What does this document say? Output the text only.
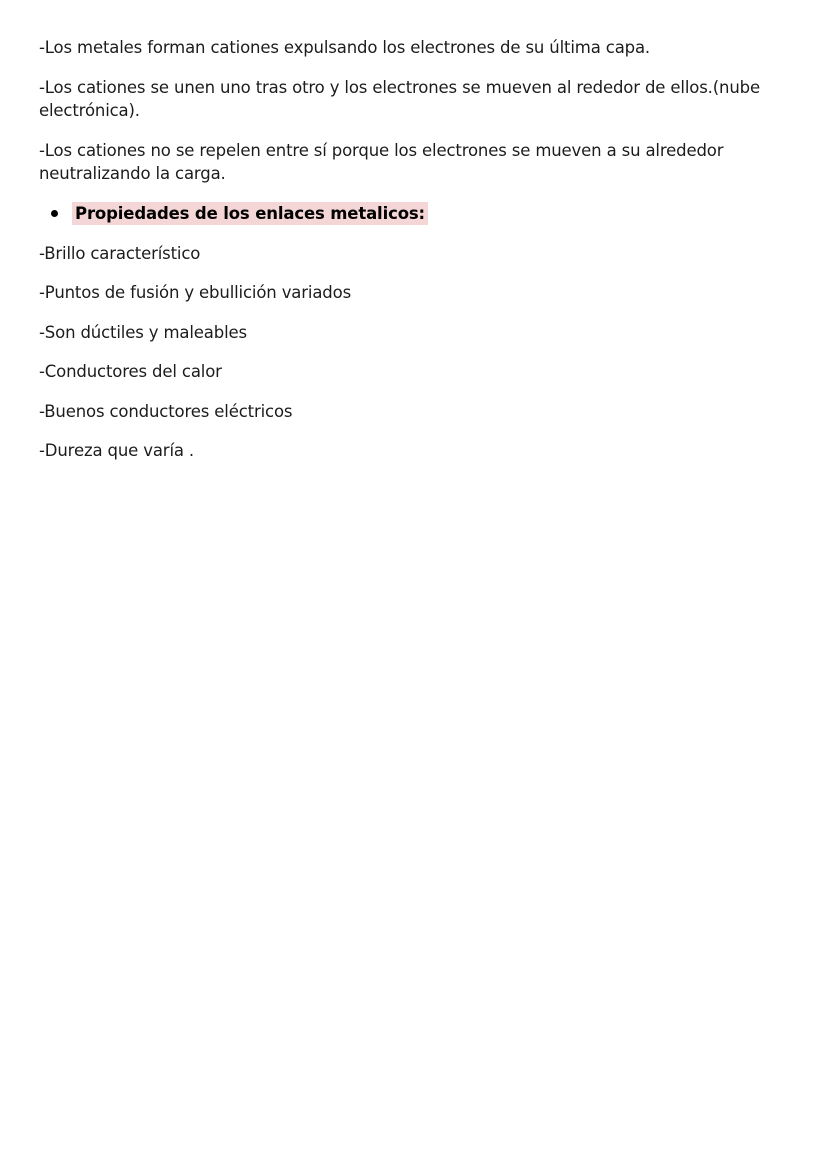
-Los metales forman cationes expulsando los electrones de su última capa.

-Los cationes se unen uno tras otro y los electrones se mueven al rededor de ellos.(nube electrónica).

-Los cationes no se repelen entre sí porque los electrones se mueven a su alrededor neutralizando la carga.

Propiedades de los enlaces metalicos:

-Brillo característico

-Puntos de fusión y ebullición variados

-Son dúctiles y maleables

-Conductores del calor

-Buenos conductores eléctricos

-Dureza que varía .
